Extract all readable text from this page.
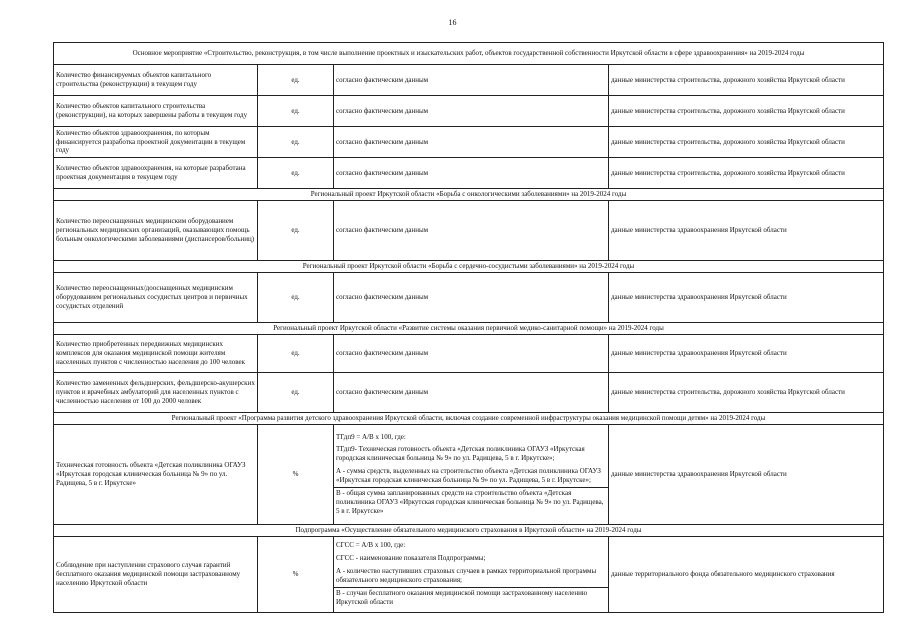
16
Основное мероприятие «Строительство, реконструкция, в том числе выполнение проектных и изыскательских работ, объектов государственной собственности Иркутской области в сфере здравоохранения» на 2019-2024 годы			
Количество финансируемых объектов капитального строительства (реконструкции) в текущем году	ед.	согласно фактическим данным	данные министерства строительства, дорожного хозяйства Иркутской области
Количество объектов капитального строительства (реконструкции), на которых завершены работы в текущем году	ед.	согласно фактическим данным	данные министерства строительства, дорожного хозяйства Иркутской области
Количество объектов здравоохранения, по которым финансируется разработка проектной документации в текущем году	ед.	согласно фактическим данным	данные министерства строительства, дорожного хозяйства Иркутской области
Количество объектов здравоохранения, на которые разработана проектная документация в текущем году	ед.	согласно фактическим данным	данные министерства строительства, дорожного хозяйства Иркутской области
Региональный проект Иркутской области «Борьба с онкологическими заболеваниями» на 2019-2024 годы			
Количество переоснащенных медицинским оборудованием региональных медицинских организаций, оказывающих помощь больным онкологическими заболеваниями (диспансеров/больниц)	ед.	согласно фактическим данным	данные министерства здравоохранения Иркутской области
Региональный проект Иркутской области «Борьба с сердечно-сосудистыми заболеваниями» на 2019-2024 годы			
Количество переоснащенных/дооснащенных медицинским оборудованием региональных сосудистых центров и первичных сосудистых отделений	ед.	согласно фактическим данным	данные министерства здравоохранения Иркутской области
Региональный проект Иркутской области «Развитие системы оказания первичной медико-санитарной помощи» на 2019-2024 годы			
Количество приобретенных передвижных медицинских комплексов для оказания медицинской помощи жителям населенных пунктов с численностью населения до 100 человек	ед.	согласно фактическим данным	данные министерства здравоохранения Иркутской области
Количество замененных фельдшерских, фельдшерско-акушерских пунктов и врачебных амбулаторий для населенных пунктов с численностью населения от 100 до 2000 человек	ед.	согласно фактическим данным	данные министерства строительства, дорожного хозяйства Иркутской области
Региональный проект «Программа развития детского здравоохранения Иркутской области, включая создание современной инфраструктуры оказания медицинской помощи детям» на 2019-2024 годы			
Техническая готовность объекта «Детская поликлиника ОГАУЗ «Иркутская городская клиническая больница № 9» по ул. Радищева, 5 в г. Иркутске»	%	ТГдп9 = А/В х 100, где:

ТГдп9- Техническая готовность объекта «Детская поликлиника ОГАУЗ «Иркутская городская клиническая больница № 9» по ул. Радищева, 5 в г. Иркутске»;

А - сумма средств, выделенных на строительство объекта «Детская поликлиника ОГАУЗ «Иркутская городская клиническая больница № 9» по ул. Радищева, 5 в г. Иркутске»;

В - общая сумма запланированных средств на строительство объекта «Детская поликлиника ОГАУЗ «Иркутская городская клиническая больница № 9» по ул. Радищева, 5 в г. Иркутске»	данные министерства здравоохранения Иркутской области
Подпрограмма «Осуществление обязательного медицинского страхования в Иркутской области» на 2019-2024 годы			
Соблюдение при наступлении страхового случая гарантий бесплатного оказания медицинской помощи застрахованному населению Иркутской области	%	СГСС = А/В х 100, где:

СГСС - наименование показателя Подпрограммы;

А - количество наступивших страховых случаев в рамках территориальной программы обязательного медицинского страхования;

В - случаи бесплатного оказания медицинской помощи застрахованному населению Иркутской области	данные территориального фонда обязательного медицинского страхования
